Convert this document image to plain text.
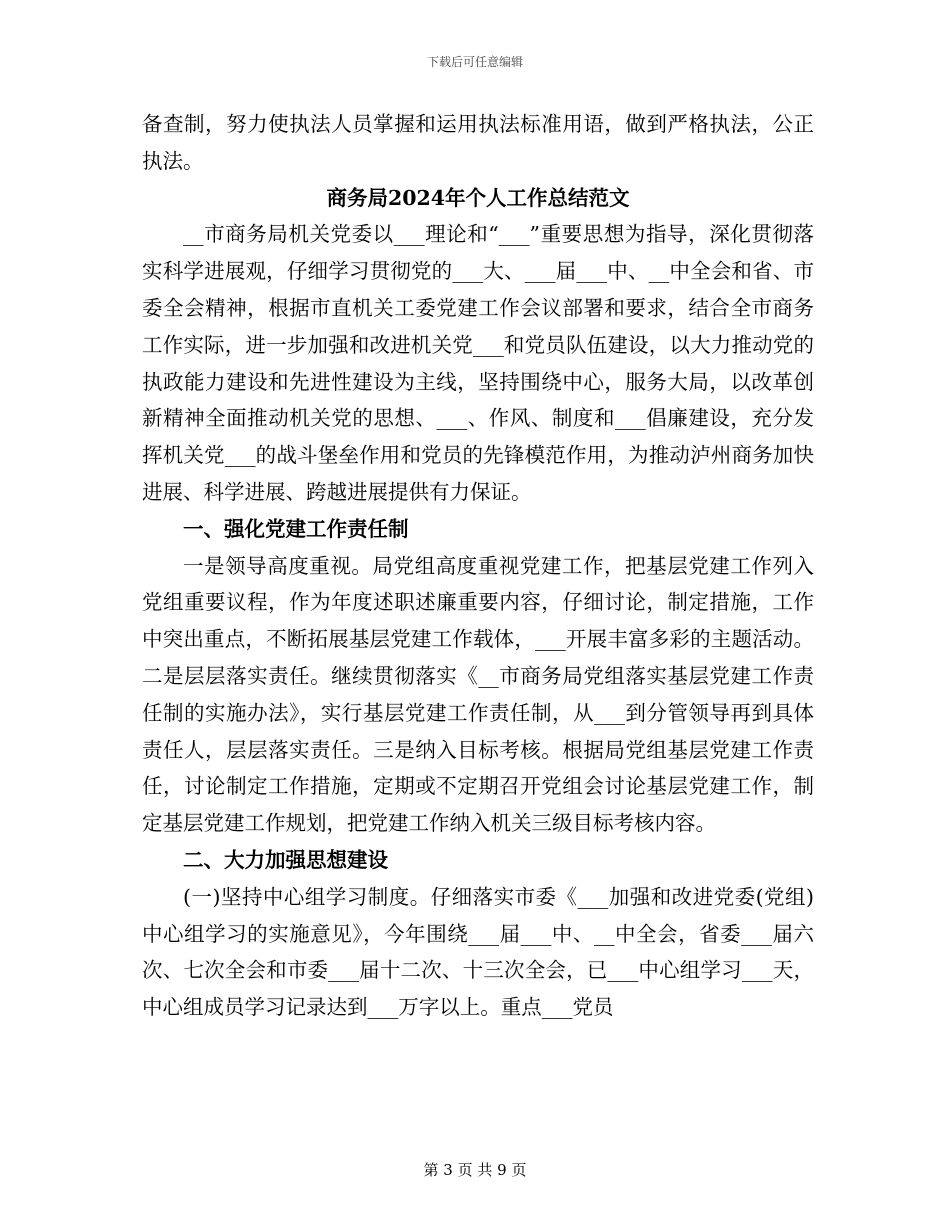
下载后可任意编辑

备查制，努力使执法人员掌握和运用执法标准用语，做到严格执法，公正执法。

商务局2024年个人工作总结范文

__市商务局机关党委以___理论和“___”重要思想为指导，深化贯彻落实科学进展观，仔细学习贯彻党的___大、___届___中、__中全会和省、市委全会精神，根据市直机关工委党建工作会议部署和要求，结合全市商务工作实际，进一步加强和改进机关党___和党员队伍建设，以大力推动党的执政能力建设和先进性建设为主线，坚持围绕中心，服务大局，以改革创新精神全面推动机关党的思想、___、作风、制度和___倡廉建设，充分发挥机关党___的战斗堡垒作用和党员的先锋模范作用，为推动泸州商务加快进展、科学进展、跨越进展提供有力保证。

一、强化党建工作责任制

一是领导高度重视。局党组高度重视党建工作，把基层党建工作列入党组重要议程，作为年度述职述廉重要内容，仔细讨论，制定措施，工作中突出重点，不断拓展基层党建工作载体，___开展丰富多彩的主题活动。二是层层落实责任。继续贯彻落实《__市商务局党组落实基层党建工作责任制的实施办法》，实行基层党建工作责任制，从___到分管领导再到具体责任人，层层落实责任。三是纳入目标考核。根据局党组基层党建工作责任，讨论制定工作措施，定期或不定期召开党组会讨论基层党建工作，制定基层党建工作规划，把党建工作纳入机关三级目标考核内容。

二、大力加强思想建设

(一)坚持中心组学习制度。仔细落实市委《___加强和改进党委(党组)中心组学习的实施意见》，今年围绕___届___中、__中全会，省委___届六次、七次全会和市委___届十二次、十三次全会，已___中心组学习___天，中心组成员学习记录达到___万字以上。重点___党员

第 3 页 共 9 页
